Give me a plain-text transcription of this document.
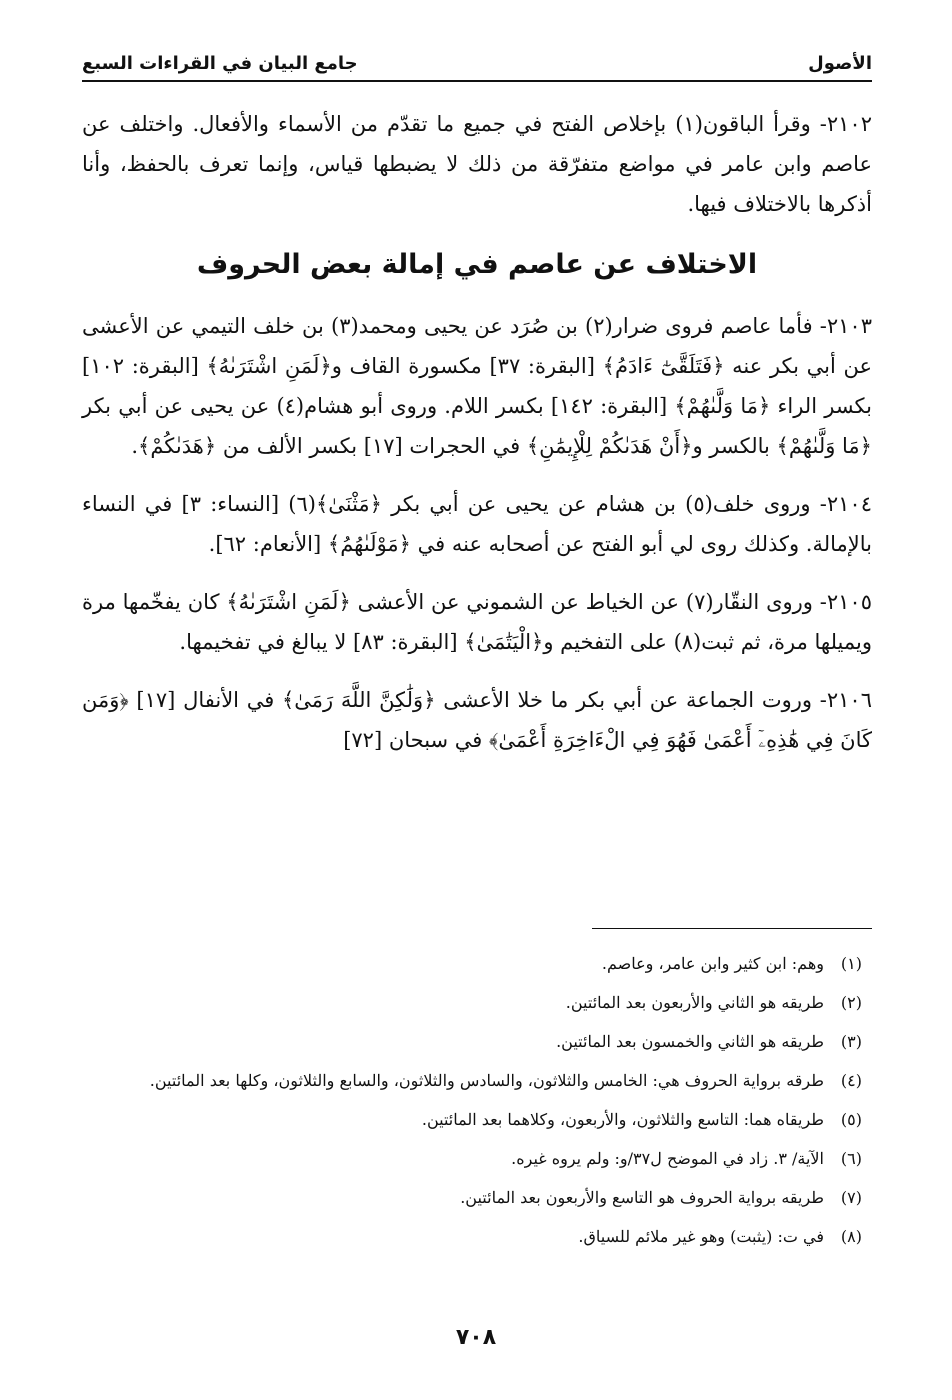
الأصول
جامع البيان في القراءات السبع

٢١٠٢- وقرأ الباقون(١) بإخلاص الفتح في جميع ما تقدّم من الأسماء والأفعال. واختلف عن عاصم وابن عامر في مواضع متفرّقة من ذلك لا يضبطها قياس، وإنما تعرف بالحفظ، وأنا أذكرها بالاختلاف فيها.

الاختلاف عن عاصم في إمالة بعض الحروف

٢١٠٣- فأما عاصم فروى ضرار(٢) بن صُرَد عن يحيى ومحمد(٣) بن خلف التيمي عن الأعشى عن أبي بكر عنه ﴿فَتَلَقَّىٰٓ ءَادَمُ﴾ [البقرة: ٣٧] مكسورة القاف و﴿لَمَنِ اشْتَرَىٰهُ﴾ [البقرة: ١٠٢] بكسر الراء ﴿مَا وَلَّىٰهُمْ﴾ [البقرة: ١٤٢] بكسر اللام. وروى أبو هشام(٤) عن يحيى عن أبي بكر ﴿مَا وَلَّىٰهُمْ﴾ بالكسر و﴿أَنْ هَدَىٰكُمْ لِلْإِيمَٰنِ﴾ في الحجرات [١٧] بكسر الألف من ﴿هَدَىٰكُمْ﴾.

٢١٠٤- وروى خلف(٥) بن هشام عن يحيى عن أبي بكر ﴿مَثْنَىٰ﴾(٦) [النساء: ٣] في النساء بالإمالة. وكذلك روى لي أبو الفتح عن أصحابه عنه في ﴿مَوْلَىٰهُمُ﴾ [الأنعام: ٦٢].

٢١٠٥- وروى النقّار(٧) عن الخياط عن الشموني عن الأعشى ﴿لَمَنِ اشْتَرَىٰهُ﴾ كان يفخّمها مرة ويميلها مرة، ثم ثبت(٨) على التفخيم و﴿الْيَتَٰمَىٰ﴾ [البقرة: ٨٣] لا يبالغ في تفخيمها.

٢١٠٦- وروت الجماعة عن أبي بكر ما خلا الأعشى ﴿وَلَٰكِنَّ اللَّهَ رَمَىٰ﴾ في الأنفال [١٧] ﴿وَمَن كَانَ فِي هَٰذِهِۦٓ أَعْمَىٰ فَهُوَ فِي الْءَاخِرَةِ أَعْمَىٰ﴾ في سبحان [٧٢]

(١)وهم: ابن كثير وابن عامر، وعاصم.

(٢)طريقه هو الثاني والأربعون بعد المائتين.

(٣)طريقه هو الثاني والخمسون بعد المائتين.

(٤)طرقه برواية الحروف هي: الخامس والثلاثون، والسادس والثلاثون، والسابع والثلاثون، وكلها بعد المائتين.

(٥)طريقاه هما: التاسع والثلاثون، والأربعون، وكلاهما بعد المائتين.

(٦)الآية/ ٣. زاد في الموضح ل٣٧/و: ولم يروه غيره.

(٧)طريقه برواية الحروف هو التاسع والأربعون بعد المائتين.

(٨)في ت: (يثبت) وهو غير ملائم للسياق.

٧٠٨
